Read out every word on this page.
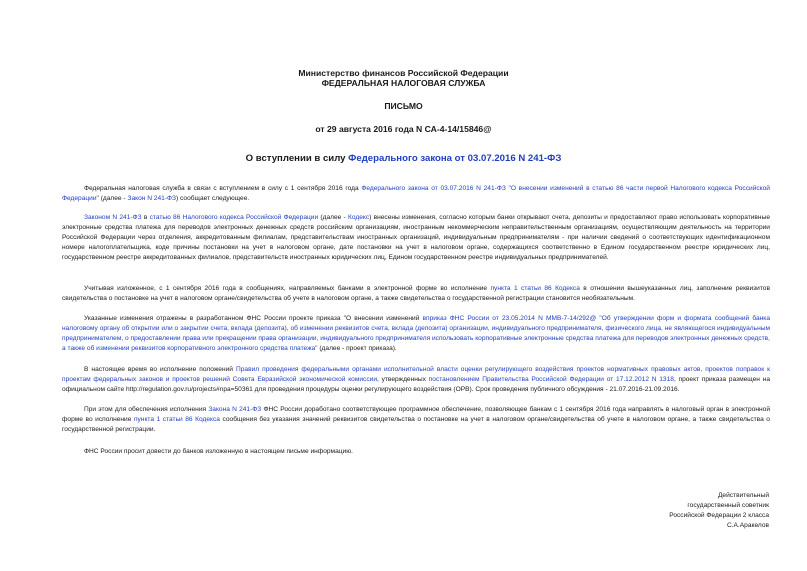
Министерство финансов Российской Федерации
ФЕДЕРАЛЬНАЯ НАЛОГОВАЯ СЛУЖБА
ПИСЬМО
от 29 августа 2016 года N СА-4-14/15846@
О вступлении в силу Федерального закона от 03.07.2016 N 241-ФЗ
Федеральная налоговая служба в связи с вступлением в силу с 1 сентября 2016 года Федерального закона от 03.07.2016 N 241-ФЗ "О внесении изменений в статью 86 части первой Налогового кодекса Российской Федерации" (далее - Закон N 241-ФЗ) сообщает следующее.
Законом N 241-ФЗ в статью 86 Налогового кодекса Российской Федерации (далее - Кодекс) внесены изменения, согласно которым банки открывают счета, депозиты и предоставляют право использовать корпоративные электронные средства платежа для переводов электронных денежных средств российским организациям, иностранным некоммерческим неправительственным организациям, осуществляющим деятельность на территории Российской Федерации через отделения, аккредитованным филиалам, представительствам иностранных организаций, индивидуальным предпринимателям - при наличии сведений о соответствующих идентификационном номере налогоплательщика, коде причины постановки на учет в налоговом органе, дате постановки на учет в налоговом органе, содержащихся соответственно в Едином государственном реестре юридических лиц, государственном реестре аккредитованных филиалов, представительств иностранных юридических лиц, Едином государственном реестре индивидуальных предпринимателей.
Учитывая изложенное, с 1 сентября 2016 года в сообщениях, направляемых банками в электронной форме во исполнение пункта 1 статьи 86 Кодекса в отношении вышеуказанных лиц, заполнение реквизитов свидетельства о постановке на учет в налоговом органе/свидетельства об учете в налоговом органе, а также свидетельства о государственной регистрации становится необязательным.
Указанные изменения отражены в разработанном ФНС России проекте приказа "О внесении изменений вприказ ФНС России от 23.05.2014 N ММВ-7-14/292@ "Об утверждении форм и формата сообщений банка налоговому органу об открытии или о закрытии счета, вклада (депозита), об изменении реквизитов счета, вклада (депозита) организации, индивидуального предпринимателя, физического лица, не являющегося индивидуальным предпринимателем, о предоставлении права или прекращении права организации, индивидуального предпринимателя использовать корпоративные электронные средства платежа для переводов электронных денежных средств, а также об изменении реквизитов корпоративного электронного средства платежа" (далее - проект приказа).
В настоящее время во исполнение положений Правил проведения федеральными органами исполнительной власти оценки регулирующего воздействия проектов нормативных правовых актов, проектов поправок к проектам федеральных законов и проектов решений Совета Евразийской экономической комиссии, утвержденных постановлением Правительства Российской Федерации от 17.12.2012 N 1318, проект приказа размещен на официальном сайте http://regulation.gov.ru/projects#npa=50361 для проведения процедуры оценки регулирующего воздействия (ОРВ). Срок проведения публичного обсуждения - 21.07.2016-21.09.2016.
При этом для обеспечения исполнения Закона N 241-ФЗ ФНС России доработано соответствующее программное обеспечение, позволяющее банкам с 1 сентября 2016 года направлять в налоговый орган в электронной форме во исполнение пункта 1 статьи 86 Кодекса сообщения без указания значений реквизитов свидетельства о постановке на учет в налоговом органе/свидетельства об учете в налоговом органе, а также свидетельства о государственной регистрации.
ФНС России просит довести до банков изложенную в настоящем письме информацию.
Действительный
государственный советник
Российской Федерации 2 класса
С.А.Аракелов
